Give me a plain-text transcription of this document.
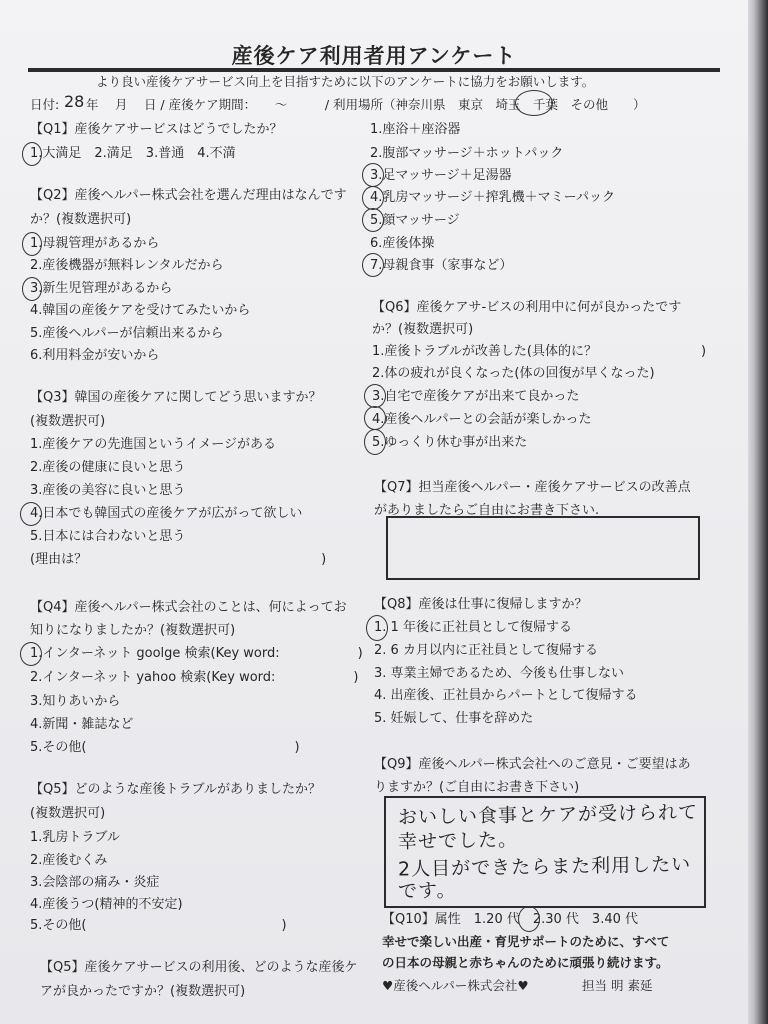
産後ケア利用者用アンケート
より良い産後ケアサービス向上を目指すために以下のアンケートに協力をお願いします。
日付: 28 年　 月　 日 / 産後ケア期間：　　～　　　/ 利用場所（神奈川県　東京　埼玉　千葉　その他　　）
【Q1】産後ケアサービスはどうでしたか？
1.大満足　2.満足　3.普通　4.不満
【Q2】産後ヘルパー株式会社を選んだ理由はなんです
か？(複数選択可)
1.母親管理があるから
2.産後機器が無料レンタルだから
3.新生児管理があるから
4.韓国の産後ケアを受けてみたいから
5.産後ヘルパーが信頼出来るから
6.利用料金が安いから
【Q3】韓国の産後ケアに関してどう思いますか？
(複数選択可)
1.産後ケアの先進国というイメージがある
2.産後の健康に良いと思う
3.産後の美容に良いと思う
4.日本でも韓国式の産後ケアが広がって欲しい
5.日本には合わないと思う
(理由は？　　　　　　　　　　　　　　　　　　)
【Q4】産後ヘルパー株式会社のことは、何によってお
知りになりましたか？(複数選択可)
1.インターネット goolge 検索(Key word:　　　　　　)
2.インターネット yahoo 検索(Key word:　　　　　　)
3.知りあいから
4.新聞・雑誌など
5.その他(　　　　　　　　　　　　　　　　)
【Q5】どのような産後トラブルがありましたか？
(複数選択可)
1.乳房トラブル
2.産後むくみ
3.会陰部の痛み・炎症
4.産後うつ(精神的不安定)
5.その他(　　　　　　　　　　　　　　　)
【Q5】産後ケアサービスの利用後、どのような産後ケ
アが良かったですか？(複数選択可)
1.座浴＋座浴器
2.腹部マッサージ＋ホットパック
3.足マッサージ＋足湯器
4.乳房マッサージ＋搾乳機＋マミーパック
5.顔マッサージ
6.産後体操
7.母親食事（家事など）
【Q6】産後ケアサ-ビスの利用中に何が良かったです
か？(複数選択可)
1.産後トラブルが改善した(具体的に？　　　　　　　　)
2.体の疲れが良くなった(体の回復が早くなった)
3.自宅で産後ケアが出来て良かった
4.産後ヘルパーとの会話が楽しかった
5.ゆっくり休む事が出来た
【Q7】担当産後ヘルパー・産後ケアサービスの改善点
がありましたらご自由にお書き下さい.
【Q8】産後は仕事に復帰しますか？
1. 1 年後に正社員として復帰する
2. 6 カ月以内に正社員として復帰する
3. 専業主婦であるため、今後も仕事しない
4. 出産後、正社員からパートとして復帰する
5. 妊娠して、仕事を辞めた
【Q9】産後ヘルパー株式会社へのご意見・ご要望はあ
りますか？(ご自由にお書き下さい)
おいしい食事とケアが受けられて
幸せでした。
2人目ができたらまた利用したい
です。
【Q10】属性　1.20 代　2.30 代　3.40 代
幸せで楽しい出産・育児サポートのために、すべて
の日本の母親と赤ちゃんのために頑張り続けます。
♥産後ヘルパー株式会社♥	担当 明 素延
